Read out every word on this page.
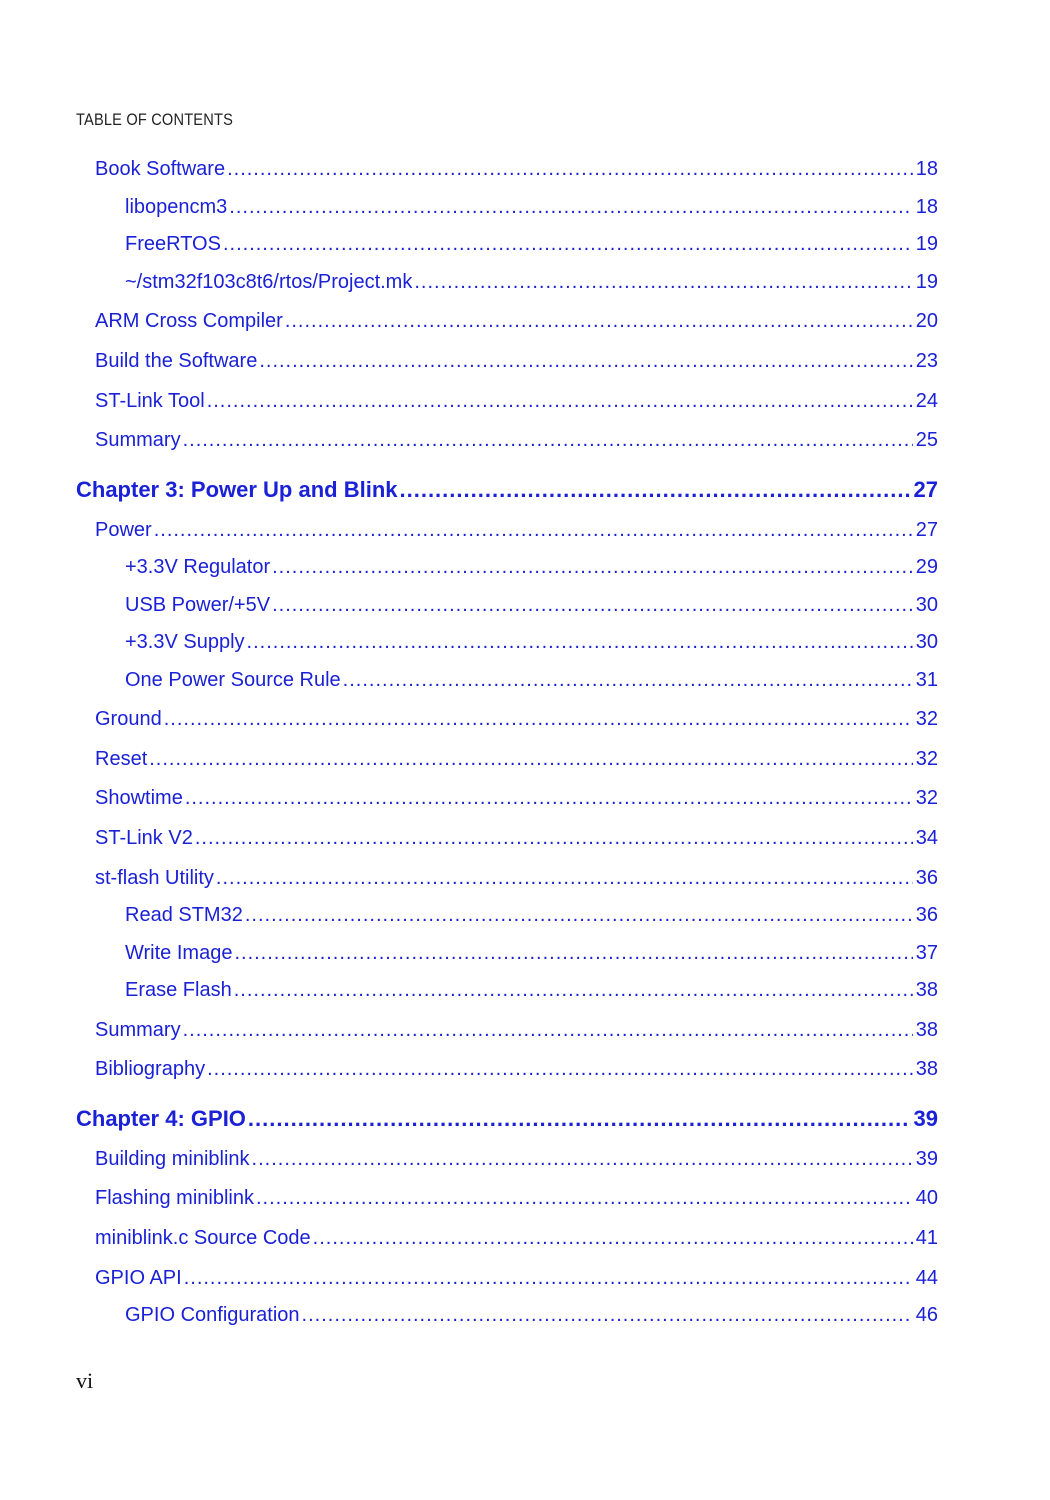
TABLE OF CONTENTS
Book Software .....	18
libopencm3 .....	18
FreeRTOS .....	19
~/stm32f103c8t6/rtos/Project.mk .....	19
ARM Cross Compiler .....	20
Build the Software .....	23
ST-Link Tool .....	24
Summary .....	25
Chapter 3: Power Up and Blink .....	27
Power .....	27
+3.3V Regulator .....	29
USB Power/+5V .....	30
+3.3V Supply .....	30
One Power Source Rule .....	31
Ground .....	32
Reset .....	32
Showtime .....	32
ST-Link V2 .....	34
st-flash Utility .....	36
Read STM32 .....	36
Write Image .....	37
Erase Flash .....	38
Summary .....	38
Bibliography .....	38
Chapter 4: GPIO .....	39
Building miniblink .....	39
Flashing miniblink .....	40
miniblink.c Source Code .....	41
GPIO API .....	44
GPIO Configuration .....	46
vi
